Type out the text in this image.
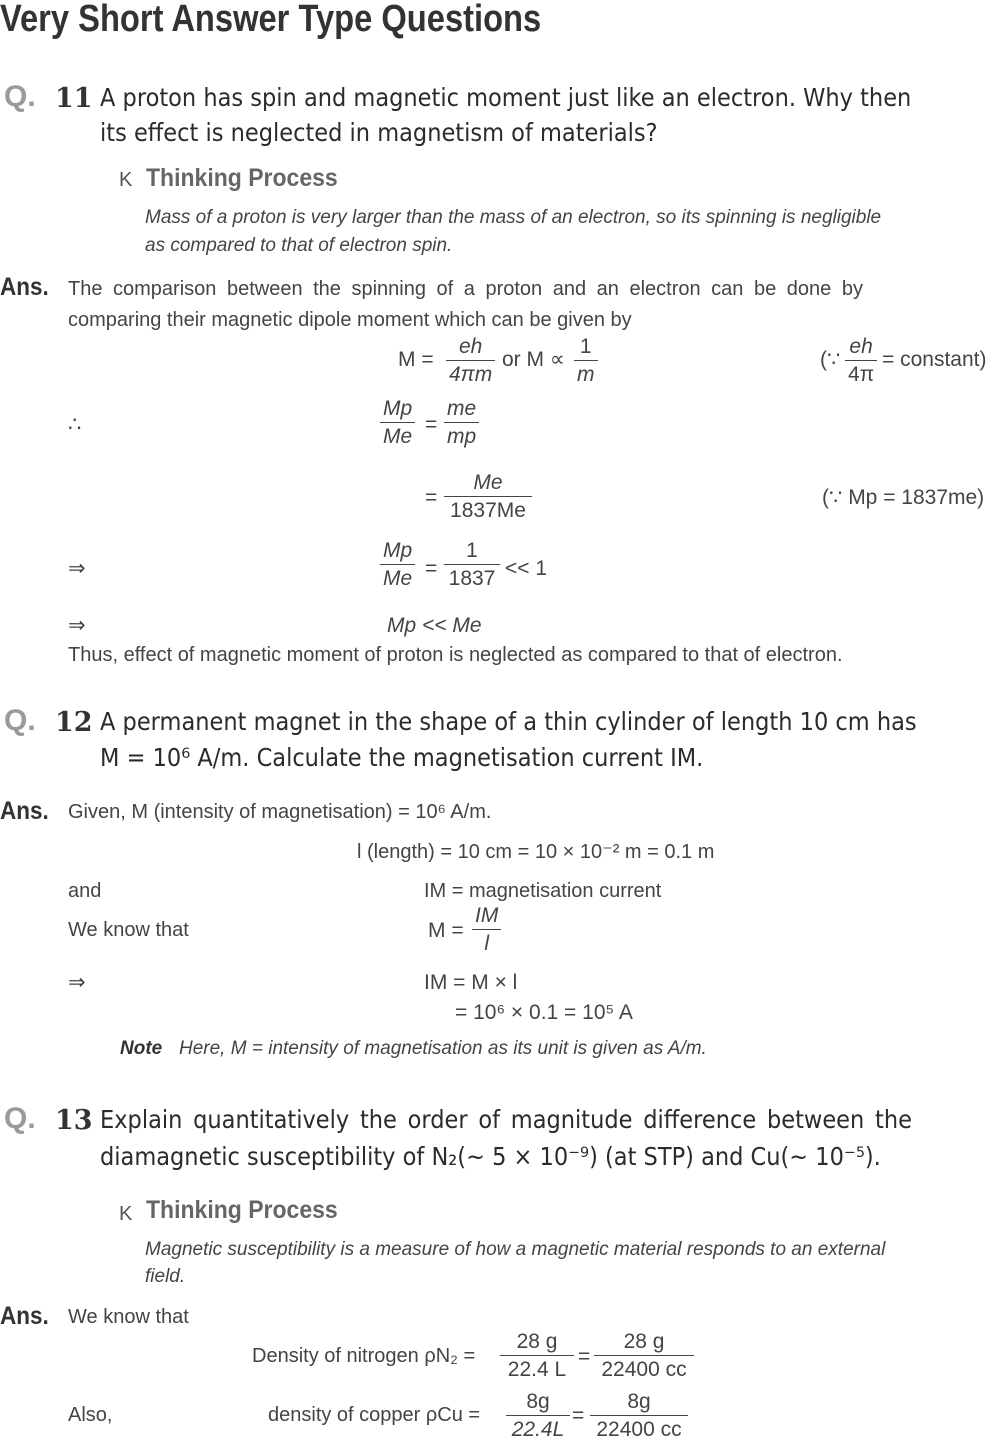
Very Short Answer Type Questions
Q. 11 A proton has spin and magnetic moment just like an electron. Why then
its effect is neglected in magnetism of materials?
K Thinking Process
Mass of a proton is very larger than the mass of an electron, so its spinning is negligible
as compared to that of electron spin.
Ans. The comparison between the spinning of a proton and an electron can be done by
comparing their magnetic dipole moment which can be given by
$M = \frac{eh}{4\pi m}$ or $M \propto \frac{1}{m}$	(∵ $\frac{eh}{4\pi}$ = constant)
∴	$\frac{Mp}{Me} = \frac{me}{mp}$
= $\frac{Me}{1837Me}$	(∵ Mp = 1837me)
⇒	$\frac{Mp}{Me} = \frac{1}{1837} << 1$
⇒	Mp << Me
Thus, effect of magnetic moment of proton is neglected as compared to that of electron.
Q. 12 A permanent magnet in the shape of a thin cylinder of length 10 cm has
M = 10⁶ A/m. Calculate the magnetisation current IM.
Ans. Given, M (intensity of magnetisation) = 10⁶ A/m.
l (length) = 10 cm = 10 × 10⁻² m = 0.1 m
and	IM = magnetisation current
We know that	$M = \frac{IM}{l}$
⇒	IM = M × l
= 10⁶ × 0.1 = 10⁵ A
Note Here, M = intensity of magnetisation as its unit is given as A/m.
Q. 13 Explain quantitatively the order of magnitude difference between the
diamagnetic susceptibility of N₂(~ 5 × 10⁻⁹) (at STP) and Cu(~ 10⁻⁵).
K Thinking Process
Magnetic susceptibility is a measure of how a magnetic material responds to an external
field.
Ans. We know that
Density of nitrogen $\rho N_2 = \frac{28 g}{22.4 L} = \frac{28 g}{22400 cc}$
Also,	density of copper $\rho Cu = \frac{8g}{22.4L} = \frac{8g}{22400 cc}$
